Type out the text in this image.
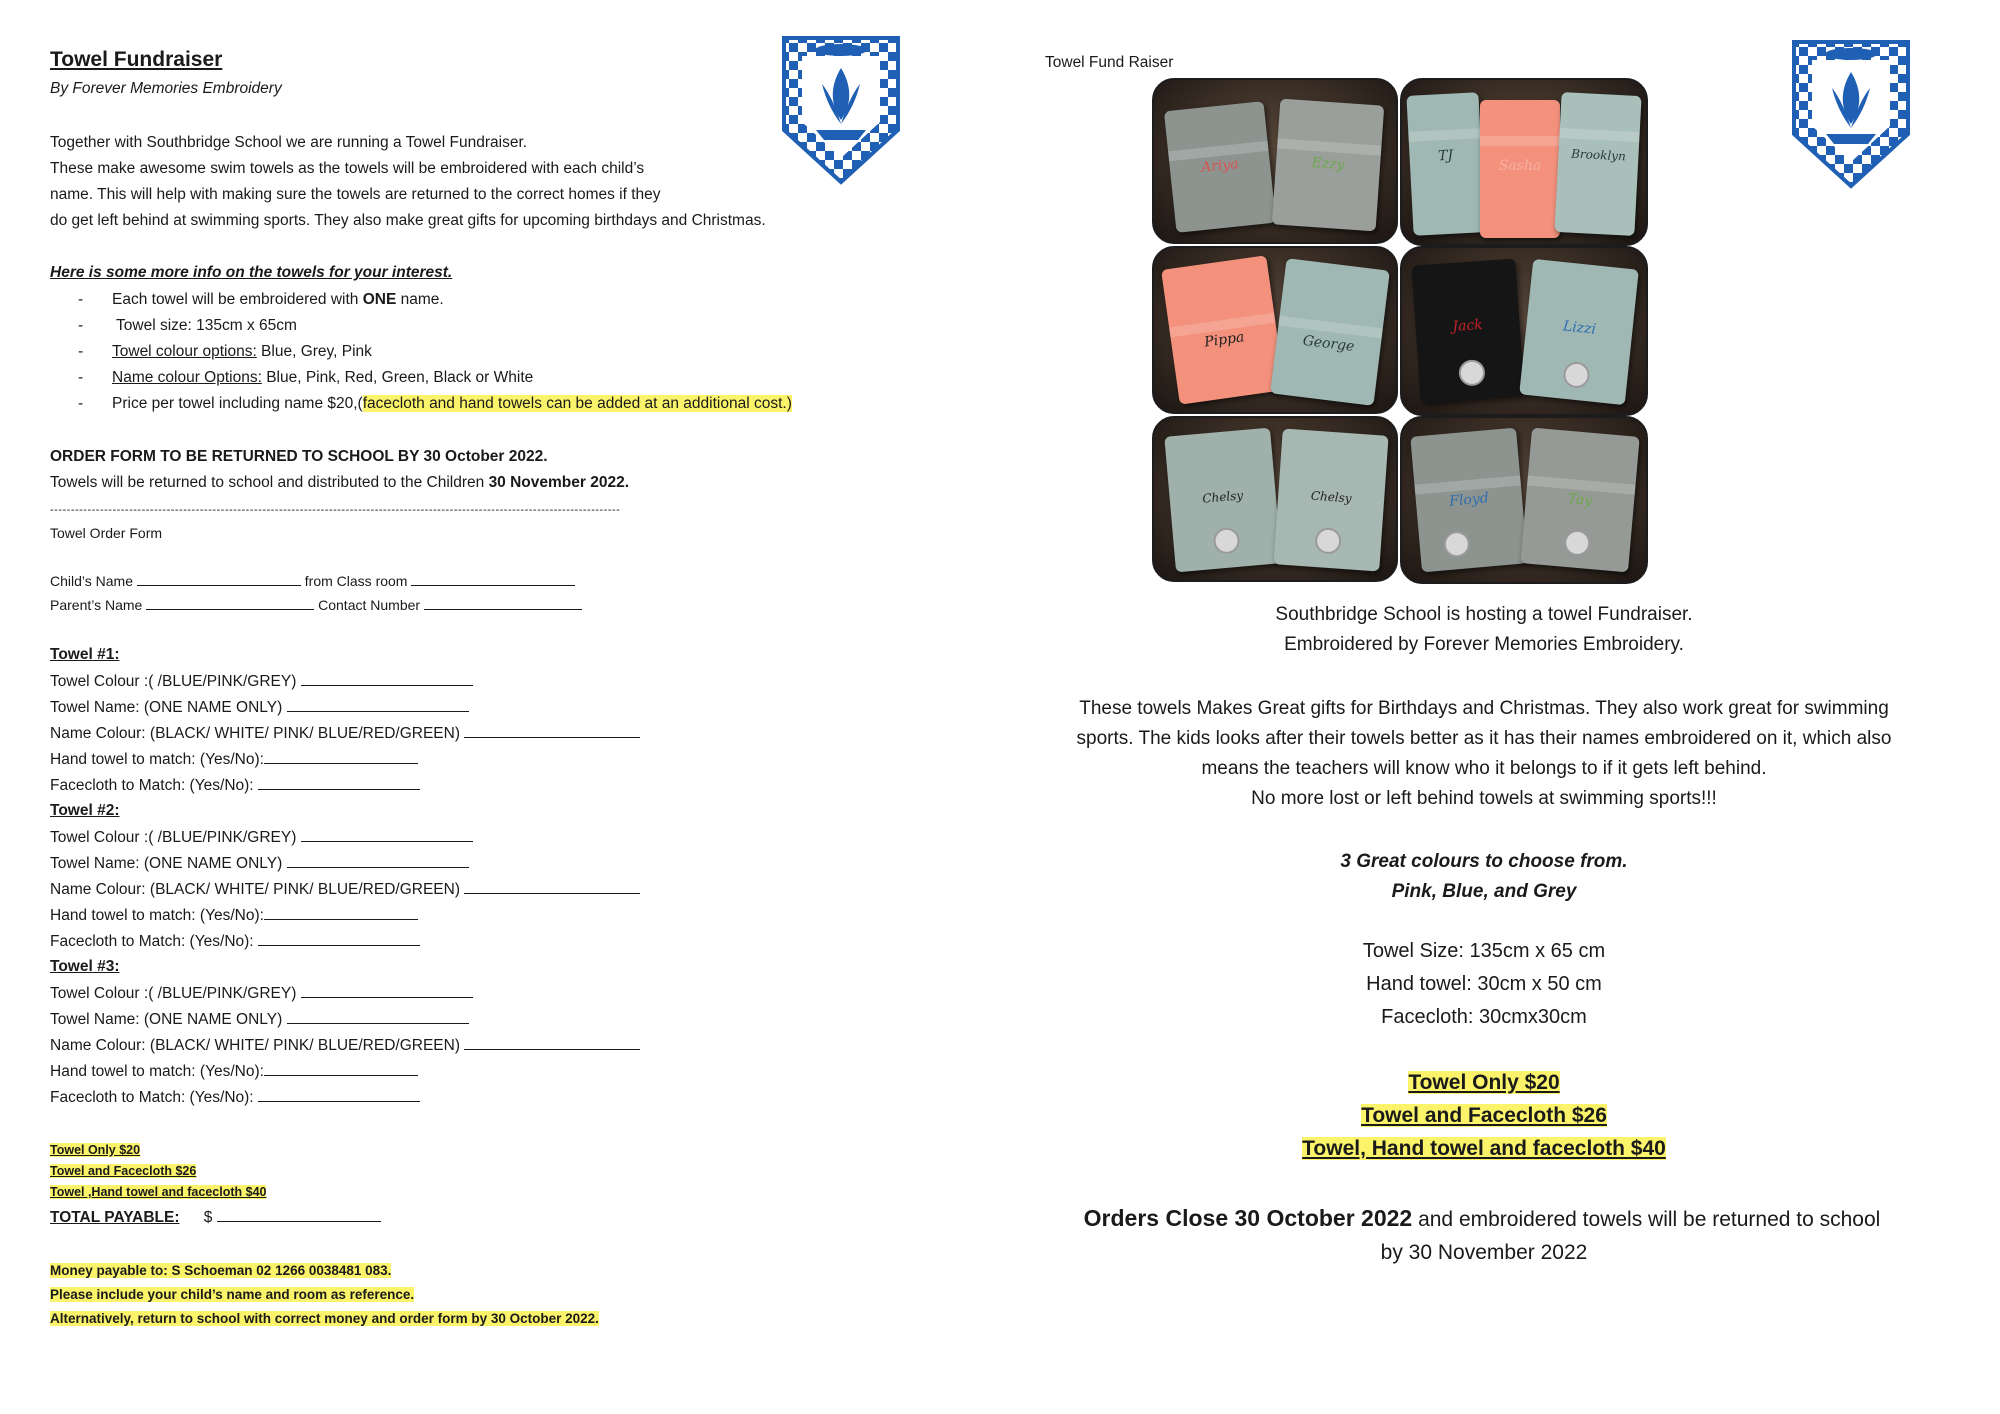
Towel Fundraiser
By Forever Memories Embroidery
Together with Southbridge School we are running a Towel Fundraiser.
These make awesome swim towels as the towels will be embroidered with each child’s
name. This will help with making sure the towels are returned to the correct homes if they
do get left behind at swimming sports. They also make great gifts for upcoming birthdays and Christmas.
Here is some more info on the towels for your interest.
- Each towel will be embroidered with ONE name.
- Towel size: 135cm x 65cm
- Towel colour options: Blue, Grey, Pink
- Name colour Options: Blue, Pink, Red, Green, Black or White
- Price per towel including name $20,(facecloth and hand towels can be added at an additional cost.)
ORDER FORM TO BE RETURNED TO SCHOOL BY 30 October 2022.
Towels will be returned to school and distributed to the Children 30 November 2022.
-----------------------------------------------------------------------------------------------------------------------------------------
Towel Order Form
Child’s Name	from Class room
Parent’s Name	Contact Number
Towel #1:
Towel Colour :( /BLUE/PINK/GREY)
Towel Name: (ONE NAME ONLY)
Name Colour: (BLACK/ WHITE/ PINK/ BLUE/RED/GREEN)
Hand towel to match: (Yes/No):
Facecloth to Match: (Yes/No):
Towel #2:
Towel Colour :( /BLUE/PINK/GREY)
Towel Name: (ONE NAME ONLY)
Name Colour: (BLACK/ WHITE/ PINK/ BLUE/RED/GREEN)
Hand towel to match: (Yes/No):
Facecloth to Match: (Yes/No):
Towel #3:
Towel Colour :( /BLUE/PINK/GREY)
Towel Name: (ONE NAME ONLY)
Name Colour: (BLACK/ WHITE/ PINK/ BLUE/RED/GREEN)
Hand towel to match: (Yes/No):
Facecloth to Match: (Yes/No):
Towel Only $20
Towel and Facecloth $26
Towel ,Hand towel and facecloth $40
TOTAL PAYABLE: $
Money payable to: S Schoeman 02 1266 0038481 083.
Please include your child’s name and room as reference.
Alternatively, return to school with correct money and order form by 30 October 2022.
Towel Fund Raiser
Ariya	Ezzy	TJ
Sasha
Brooklyn
Pippa	George
Jack	Lizzi
Chelsy	Chelsy	Floyd	Tay
Southbridge School is hosting a towel Fundraiser.
Embroidered by Forever Memories Embroidery.
These towels Makes Great gifts for Birthdays and Christmas. They also work great for swimming
sports. The kids looks after their towels better as it has their names embroidered on it, which also
means the teachers will know who it belongs to if it gets left behind.
No more lost or left behind towels at swimming sports!!!
3 Great colours to choose from.
Pink, Blue, and Grey
Towel Size: 135cm x 65 cm
Hand towel: 30cm x 50 cm
Facecloth: 30cmx30cm
Towel Only $20
Towel and Facecloth $26
Towel, Hand towel and facecloth $40
Orders Close 30 October 2022 and embroidered towels will be returned to school
by 30 November 2022
